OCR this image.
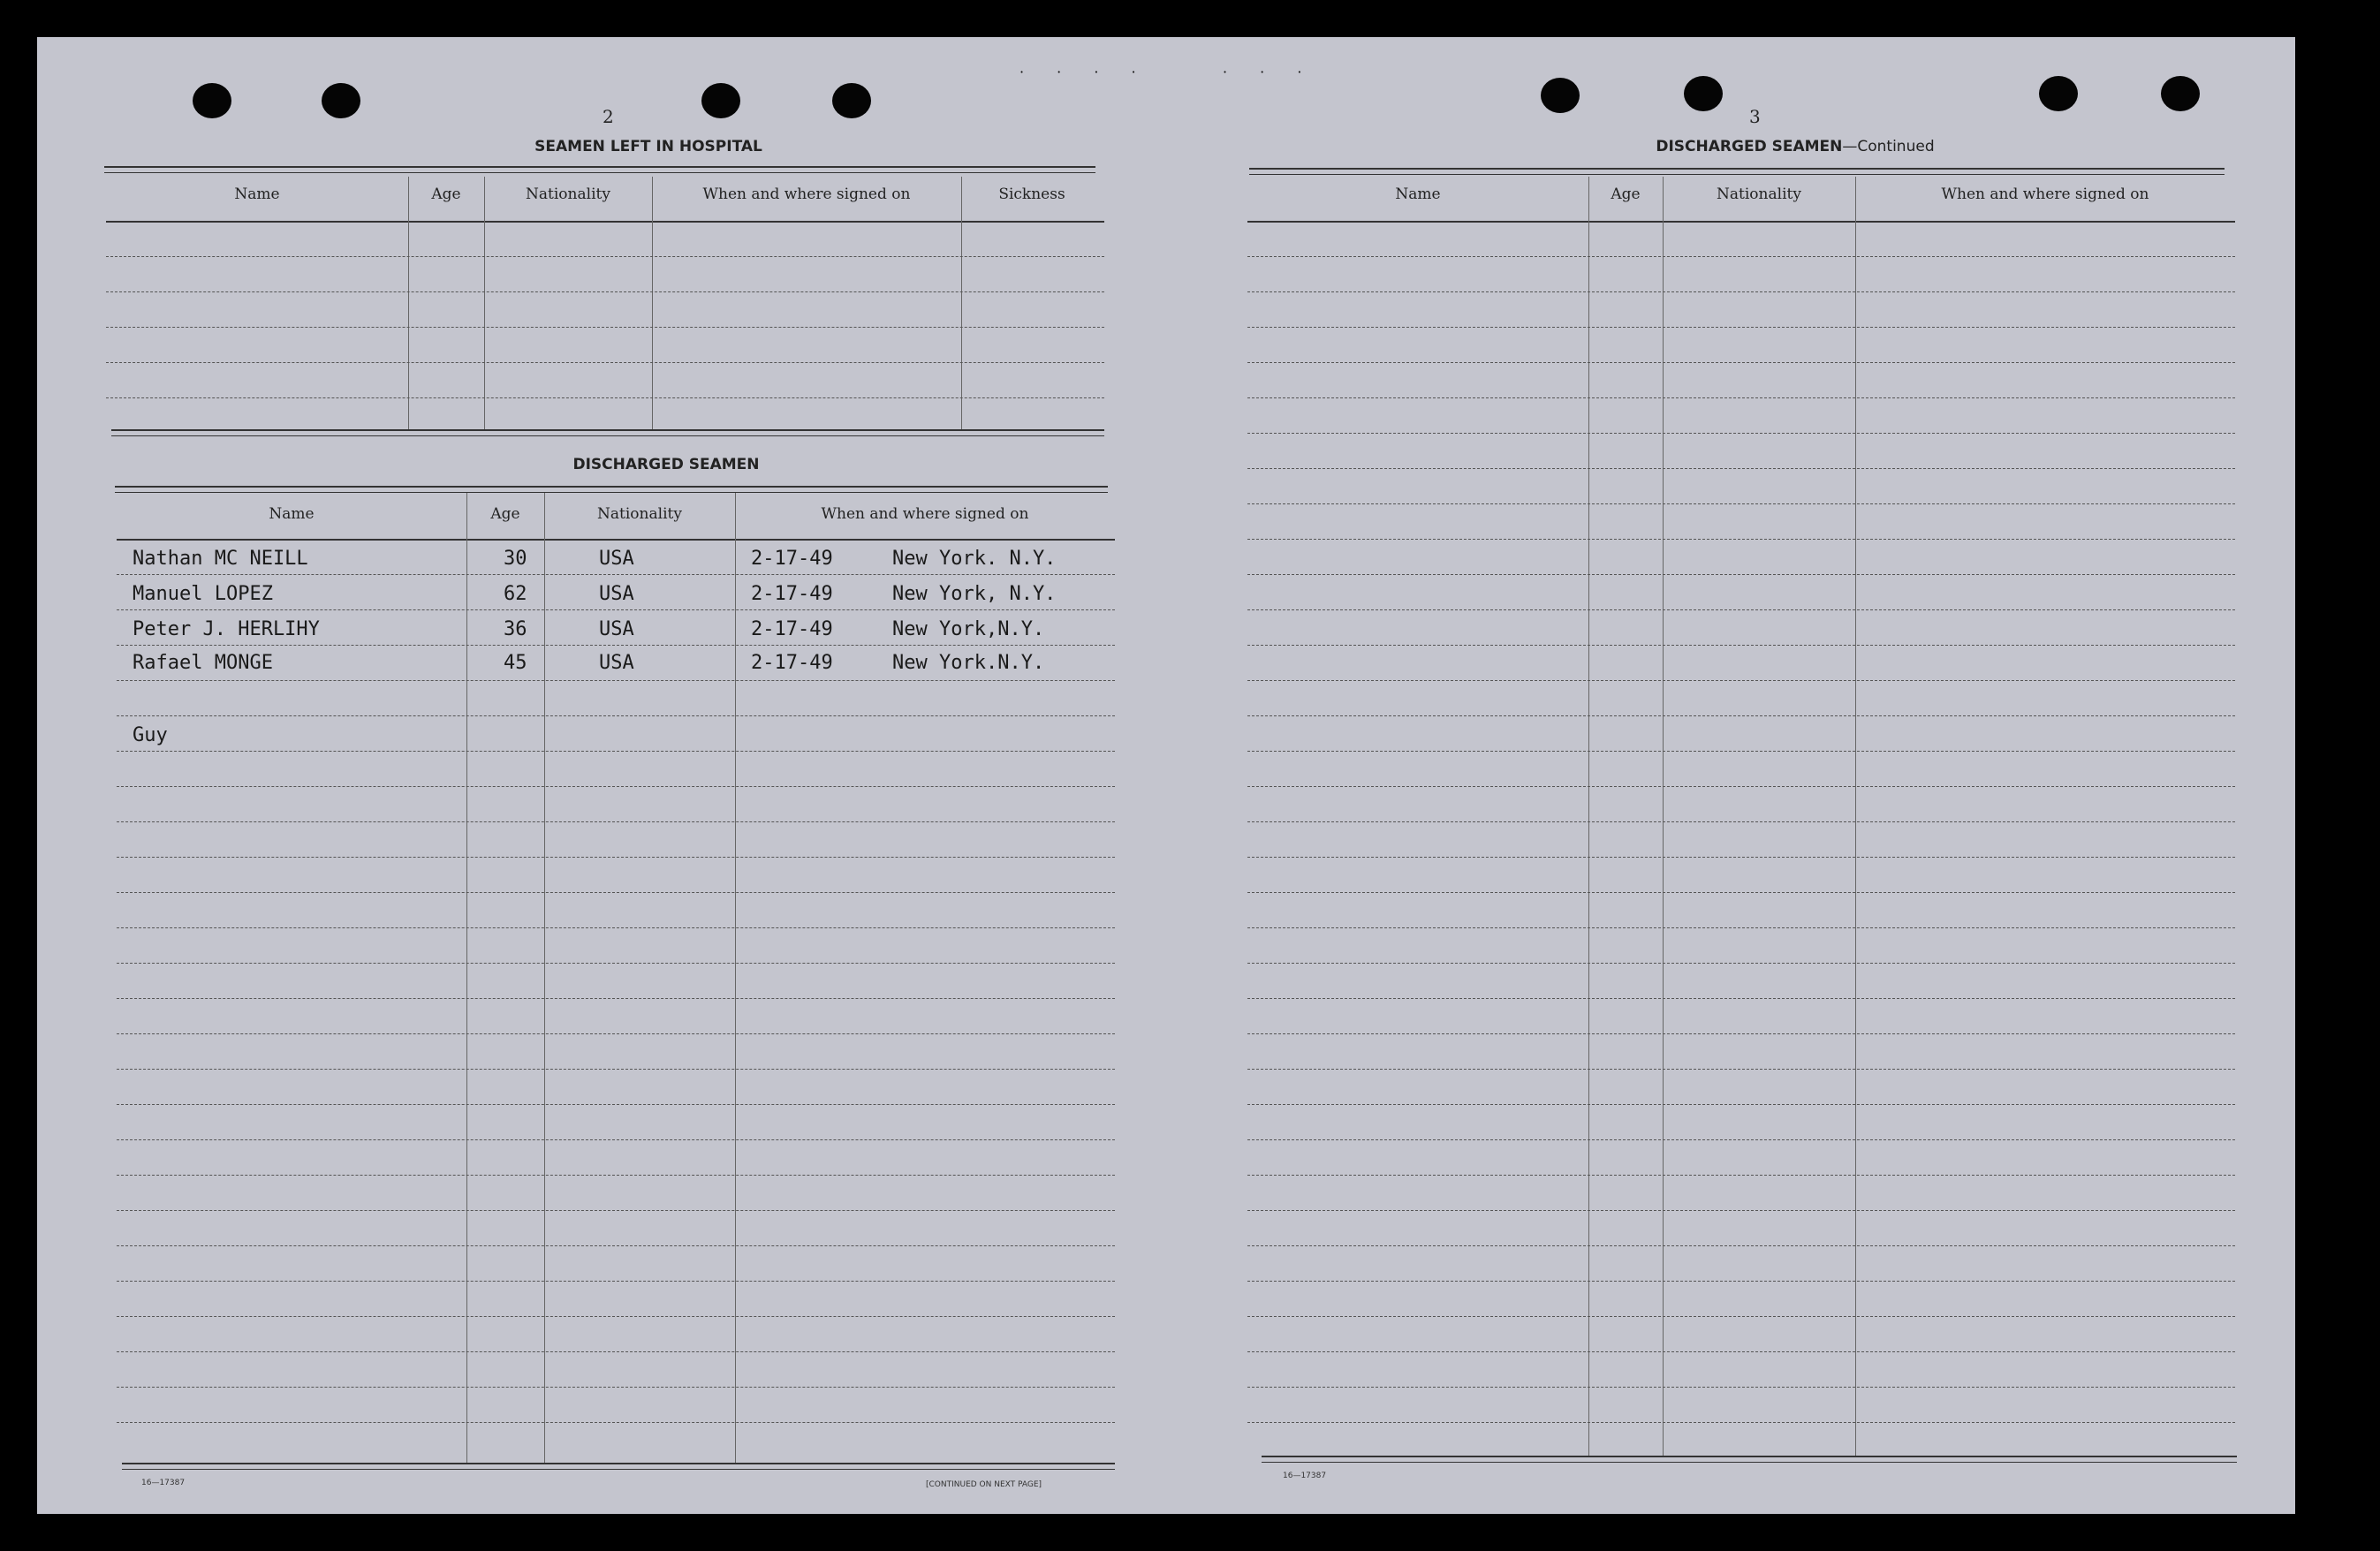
· · · ·	· · ·
2
SEAMEN LEFT IN HOSPITAL
Name	Age	Nationality	When and where signed on	Sickness
DISCHARGED SEAMEN
Name	Age	Nationality	When and where signed on
Nathan MC NEILL	30	USA	2-17-49	New York. N.Y.
Manuel LOPEZ	62	USA	2-17-49	New York, N.Y.
Peter J. HERLIHY	36	USA	2-17-49	New York,N.Y.
Rafael MONGE	45	USA	2-17-49	New York.N.Y.
Guy
16—17387	[CONTINUED ON NEXT PAGE]
3
DISCHARGED SEAMEN—Continued
Name	Age	Nationality	When and where signed on
16—17387
